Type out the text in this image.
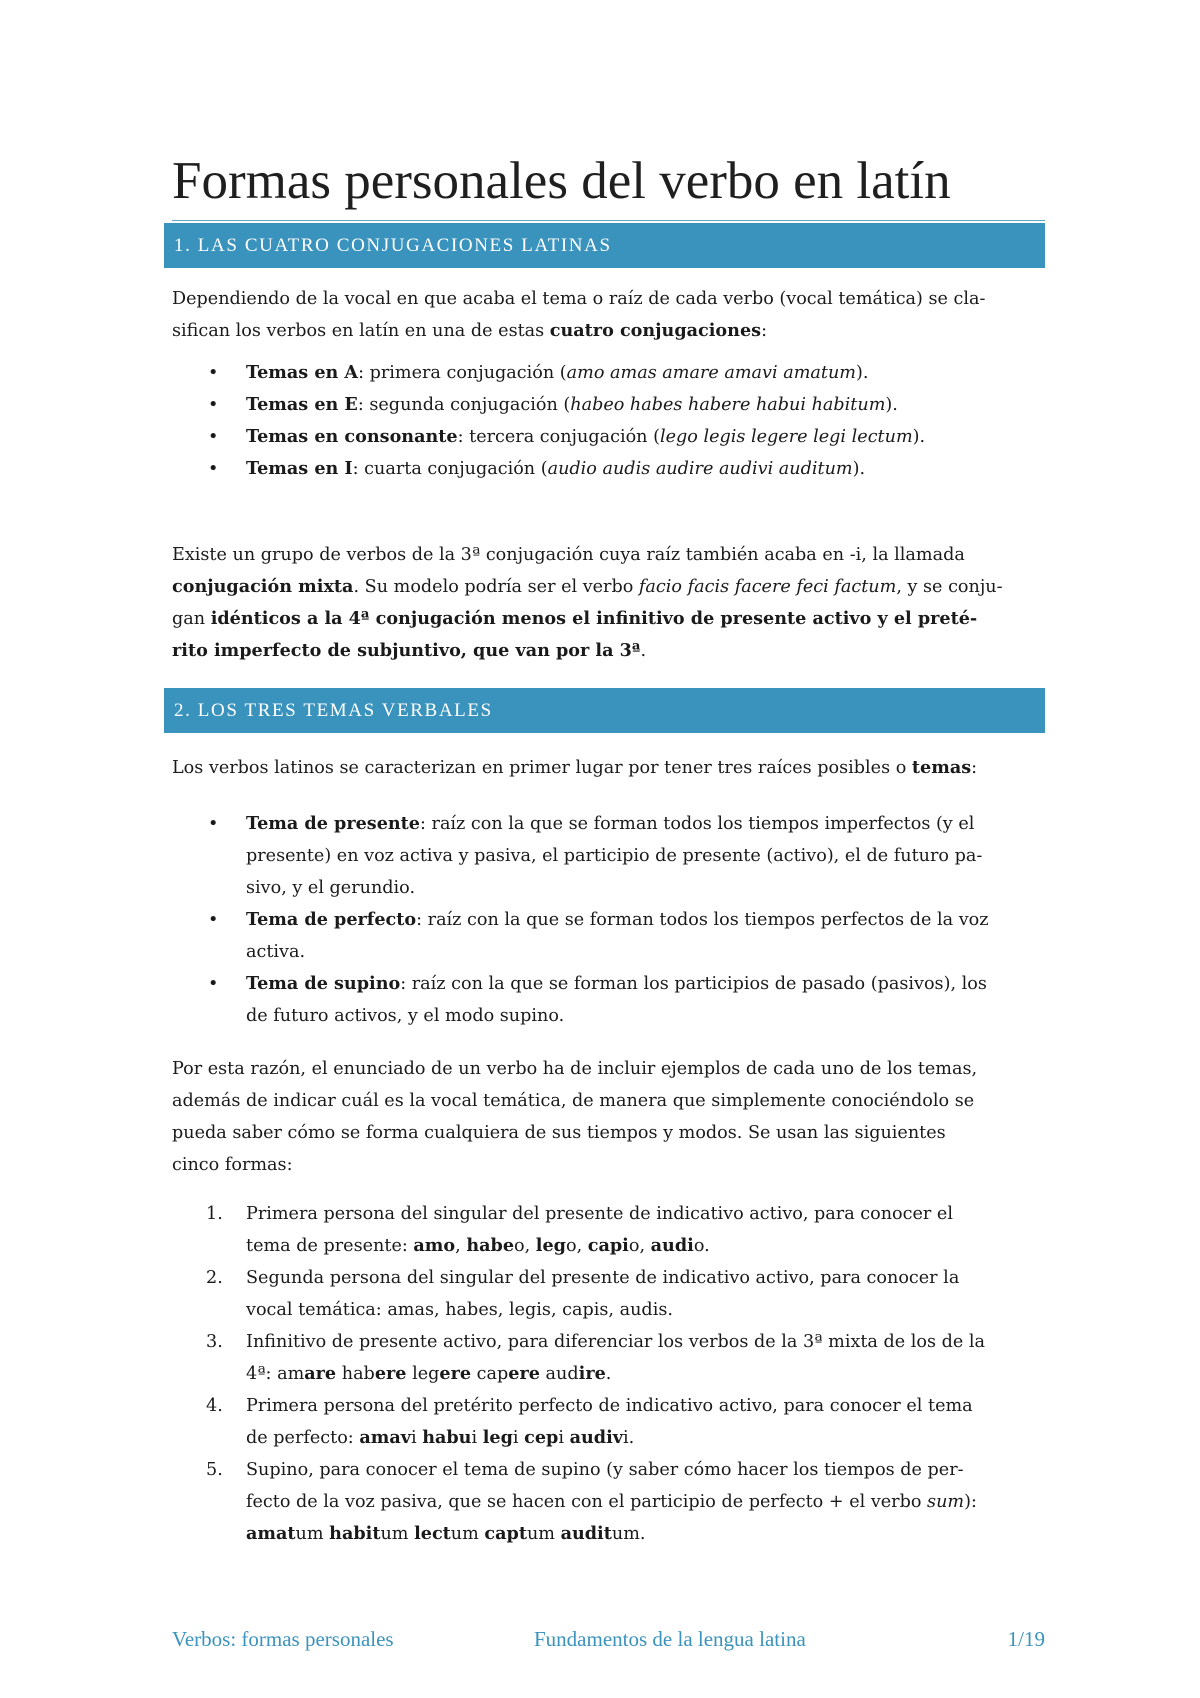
Formas personales del verbo en latín
1. LAS CUATRO CONJUGACIONES LATINAS

Dependiendo de la vocal en que acaba el tema o raíz de cada verbo (vocal temática) se cla-
sifican los verbos en latín en una de estas cuatro conjugaciones:

• Temas en A: primera conjugación (amo amas amare amavi amatum).
• Temas en E: segunda conjugación (habeo habes habere habui habitum).
• Temas en consonante: tercera conjugación (lego legis legere legi lectum).
• Temas en I: cuarta conjugación (audio audis audire audivi auditum).

Existe un grupo de verbos de la 3ª conjugación cuya raíz también acaba en -i, la llamada
conjugación mixta. Su modelo podría ser el verbo facio facis facere feci factum, y se conju-
gan idénticos a la 4ª conjugación menos el infinitivo de presente activo y el preté-
rito imperfecto de subjuntivo, que van por la 3ª.

2. LOS TRES TEMAS VERBALES

Los verbos latinos se caracterizan en primer lugar por tener tres raíces posibles o temas:

• Tema de presente: raíz con la que se forman todos los tiempos imperfectos (y el
presente) en voz activa y pasiva, el participio de presente (activo), el de futuro pa-
sivo, y el gerundio.
• Tema de perfecto: raíz con la que se forman todos los tiempos perfectos de la voz
activa.
• Tema de supino: raíz con la que se forman los participios de pasado (pasivos), los
de futuro activos, y el modo supino.

Por esta razón, el enunciado de un verbo ha de incluir ejemplos de cada uno de los temas,
además de indicar cuál es la vocal temática, de manera que simplemente conociéndolo se
pueda saber cómo se forma cualquiera de sus tiempos y modos. Se usan las siguientes
cinco formas:

1. Primera persona del singular del presente de indicativo activo, para conocer el
tema de presente: amo, habeo, lego, capio, audio.
2. Segunda persona del singular del presente de indicativo activo, para conocer la
vocal temática: amas, habes, legis, capis, audis.
3. Infinitivo de presente activo, para diferenciar los verbos de la 3ª mixta de los de la
4ª: amare habere legere capere audire.
4. Primera persona del pretérito perfecto de indicativo activo, para conocer el tema
de perfecto: amavi habui legi cepi audivi.
5. Supino, para conocer el tema de supino (y saber cómo hacer los tiempos de per-
fecto de la voz pasiva, que se hacen con el participio de perfecto + el verbo sum):
amatum habitum lectum captum auditum.
Verbos: formas personales	Fundamentos de la lengua latina	1/19
